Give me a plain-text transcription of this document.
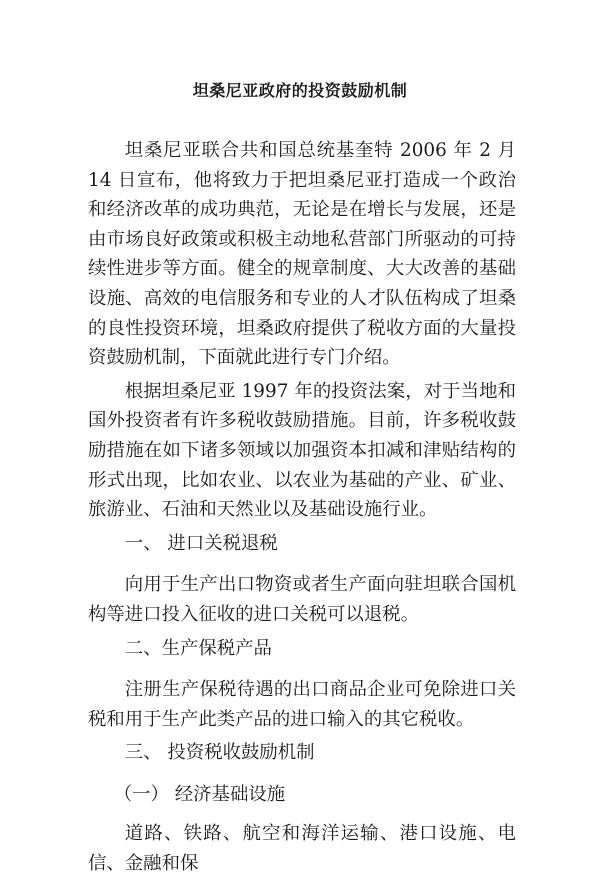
坦桑尼亚政府的投资鼓励机制

坦桑尼亚联合共和国总统基奎特 2006 年 2 月 14 日宣布，他将致力于把坦桑尼亚打造成一个政治和经济改革的成功典范，无论是在增长与发展，还是由市场良好政策或积极主动地私营部门所驱动的可持续性进步等方面。健全的规章制度、大大改善的基础设施、高效的电信服务和专业的人才队伍构成了坦桑的良性投资环境，坦桑政府提供了税收方面的大量投资鼓励机制，下面就此进行专门介绍。

根据坦桑尼亚 1997 年的投资法案，对于当地和国外投资者有许多税收鼓励措施。目前，许多税收鼓励措施在如下诸多领域以加强资本扣减和津贴结构的形式出现，比如农业、以农业为基础的产业、矿业、旅游业、石油和天然业以及基础设施行业。

一、 进口关税退税

向用于生产出口物资或者生产面向驻坦联合国机构等进口投入征收的进口关税可以退税。

二、生产保税产品

注册生产保税待遇的出口商品企业可免除进口关税和用于生产此类产品的进口输入的其它税收。

三、 投资税收鼓励机制

（一） 经济基础设施

道路、铁路、航空和海洋运输、港口设施、电信、金融和保
